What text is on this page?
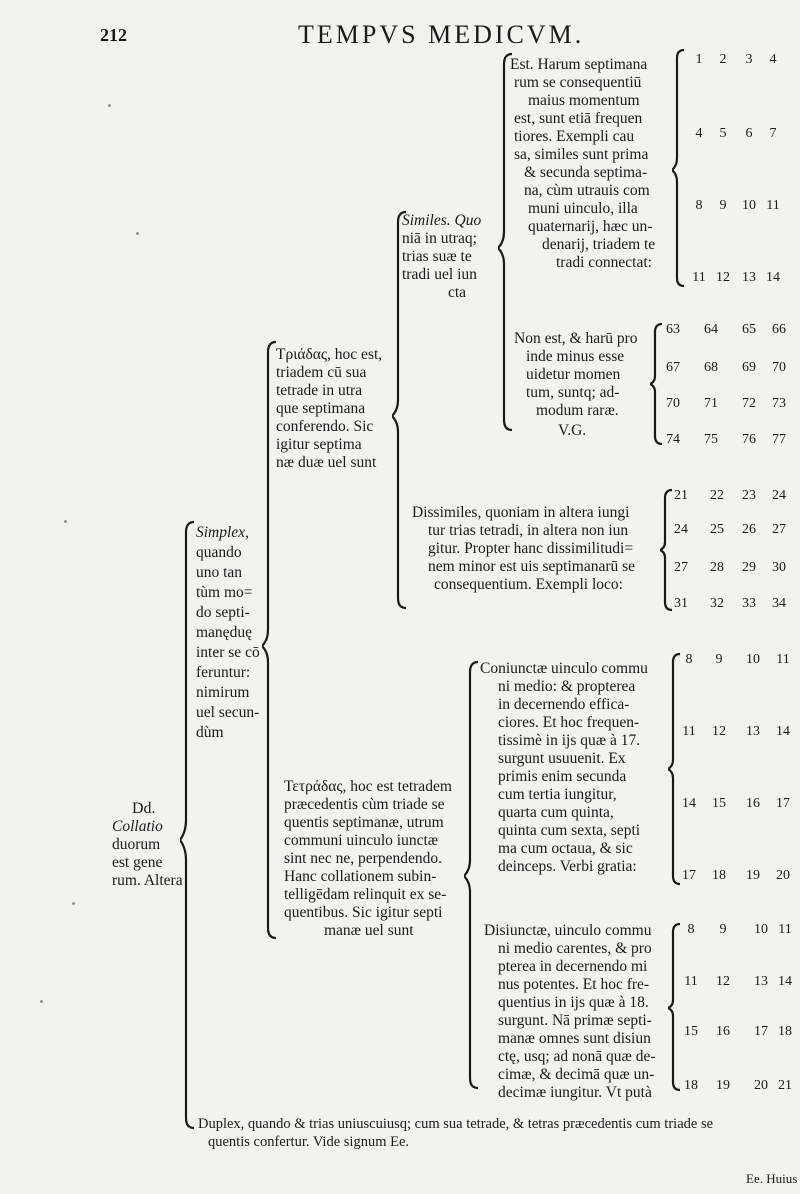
212	TEMPVS MEDICVM.
Dd.
Collatio
duorum
est gene
rum. Altera
Simplex,
quando
uno tan
tùm mo=
do septi-
manęduę
inter se cō
feruntur:
nimirum
uel secun-
dùm
Τριάδας, hoc est,
triadem cū sua
tetrade in utra
que septimana
conferendo. Sic
igitur septima
næ duæ uel sunt
Similes. Quo
niā in utraq;
trias suæ te
tradi uel iun
cta
Est. Harum septimana
rum se consequentiū
maius momentum
est, sunt etiā frequen
tiores. Exempli cau
sa, similes sunt prima
& secunda septima-
na, cùm utrauis com
muni uinculo, illa
quaternarij, hæc un-
denarij, triadem te
tradi connectat:
1	2	3	4
4	5	6	7
8	9	10 11
11 12 13 14
Non est, & harū pro
inde minus esse
uidetur momen
tum, suntq; ad-
modum raræ.
V.G.
63	64	65	66
67	68	69	70
70	71	72	73
74	75	76	77
Dissimiles, quoniam in altera iungi
tur trias tetradi, in altera non iun
gitur. Propter hanc dissimilitudi=
nem minor est uis septimanarū se
consequentium. Exempli loco:
21	22	23	24
24	25	26	27
27	28	29	30
31	32	33	34
Τετράδας, hoc est tetradem
præcedentis cùm triade se
quentis septimanæ, utrum
communi uinculo iunctæ
sint nec ne, perpendendo.
Hanc collationem subin-
telligēdam relinquit ex se-
quentibus. Sic igitur septi
manæ uel sunt
Coniunctæ uinculo commu
ni medio: & propterea
in decernendo effica-
ciores. Et hoc frequen-
tissimè in ijs quæ à 17.
surgunt usuuenit. Ex
primis enim secunda
cum tertia iungitur,
quarta cum quinta,
quinta cum sexta, septi
ma cum octaua, & sic
deinceps. Verbi gratia:
8	9	10	11
11	12	13	14
14	15	16	17
17	18	19	20
Disiunctæ, uinculo commu
ni medio carentes, & pro
pterea in decernendo mi
nus potentes. Et hoc fre-
quentius in ijs quæ à 18.
surgunt. Nā primæ septi-
manæ omnes sunt disiun
ctę, usq; ad nonā quæ de-
cimæ, & decimā quæ un-
decimæ iungitur. Vt putà
8	9	10 11
11	12	13 14
15	16	17 18
18	19	20 21
Duplex, quando & trias uniuscuiusq; cum sua tetrade, & tetras præcedentis cum triade se
quentis confertur. Vide signum Ee.
Ee. Huius
